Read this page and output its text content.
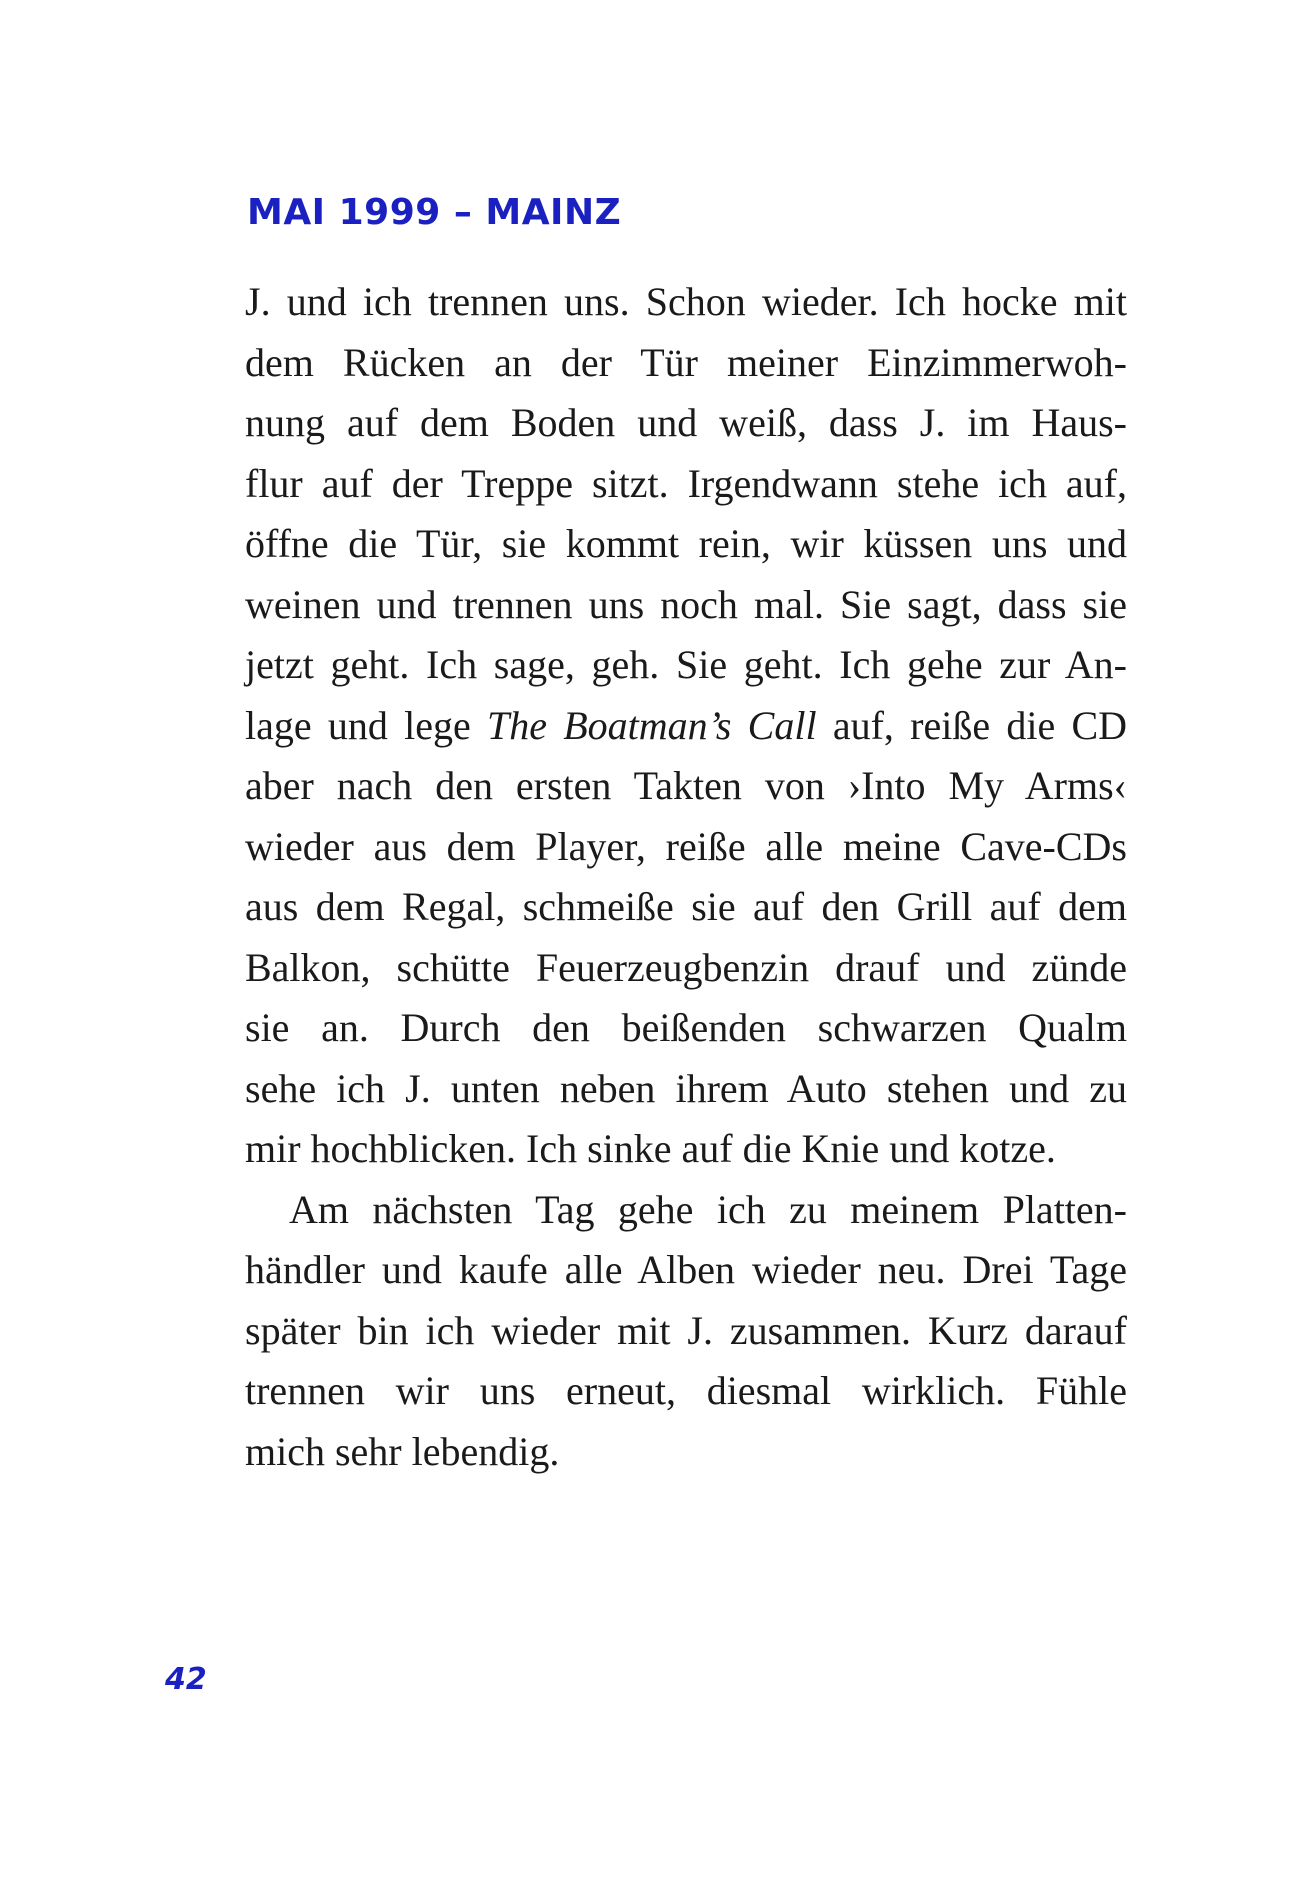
MAI 1999 – MAINZ
J. und ich trennen uns. Schon wieder. Ich hocke mit
dem Rücken an der Tür meiner Einzimmerwoh-
nung auf dem Boden und weiß, dass J. im Haus-
flur auf der Treppe sitzt. Irgendwann stehe ich auf,
öffne die Tür, sie kommt rein, wir küssen uns und
weinen und trennen uns noch mal. Sie sagt, dass sie
jetzt geht. Ich sage, geh. Sie geht. Ich gehe zur An-
lage und lege The Boatman’s Call auf, reiße die CD
aber nach den ersten Takten von ›Into My Arms‹
wieder aus dem Player, reiße alle meine Cave-CDs
aus dem Regal, schmeiße sie auf den Grill auf dem
Balkon, schütte Feuerzeugbenzin drauf und zünde
sie an. Durch den beißenden schwarzen Qualm
sehe ich J. unten neben ihrem Auto stehen und zu
mir hochblicken. Ich sinke auf die Knie und kotze.
Am nächsten Tag gehe ich zu meinem Platten-
händler und kaufe alle Alben wieder neu. Drei Tage
später bin ich wieder mit J. zusammen. Kurz darauf
trennen wir uns erneut, diesmal wirklich. Fühle
mich sehr lebendig.
42
